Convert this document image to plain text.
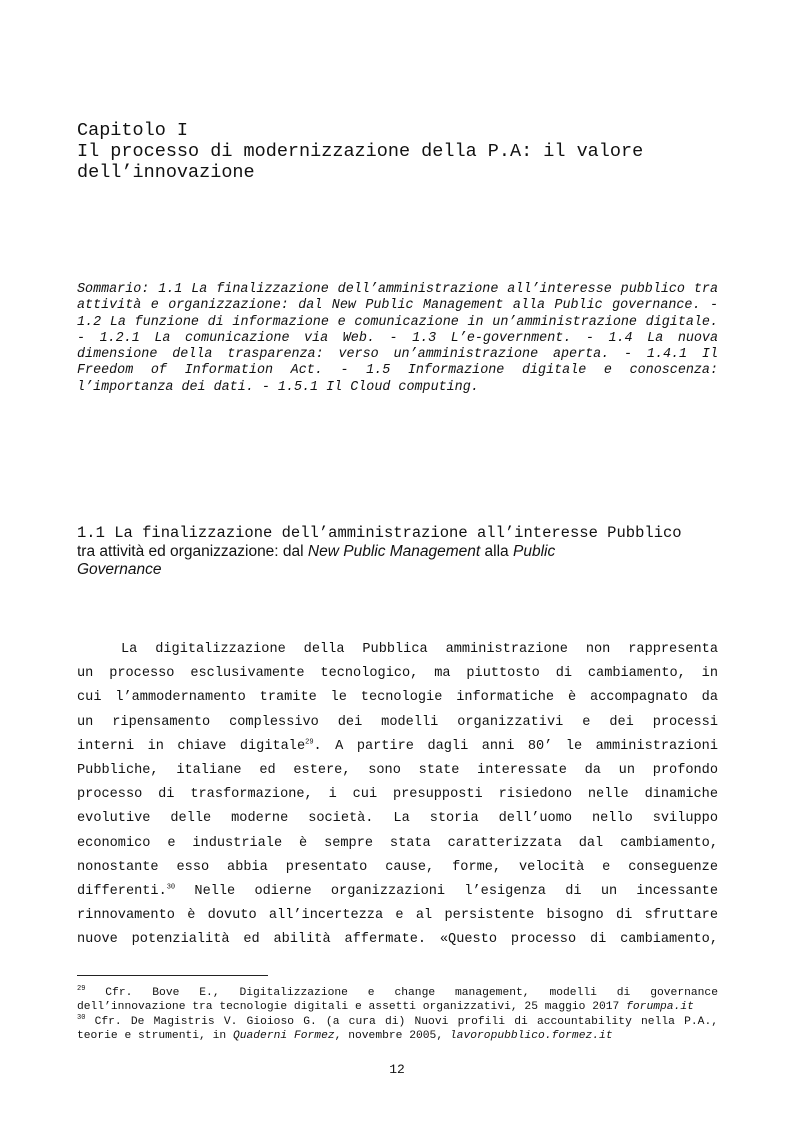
Capitolo I
Il processo di modernizzazione della P.A: il valore
dell’innovazione

Sommario: 1.1 La finalizzazione dell’amministrazione all’interesse pubblico tra attività e organizzazione: dal New Public Management alla Public governance. - 1.2 La funzione di informazione e comunicazione in un’amministrazione digitale. - 1.2.1 La comunicazione via Web. - 1.3 L’e-government. - 1.4 La nuova dimensione della trasparenza: verso un’amministrazione aperta. - 1.4.1 Il Freedom of Information Act. - 1.5 Informazione digitale e conoscenza: l’importanza dei dati. - 1.5.1 Il Cloud computing.

1.1 La finalizzazione dell’amministrazione all’interesse Pubblico
tra attività ed organizzazione: dal New Public Management alla Public
Governance
La digitalizzazione della Pubblica amministrazione non rappresenta
un processo esclusivamente tecnologico, ma piuttosto di cambiamento, in
cui l’ammodernamento tramite le tecnologie informatiche è accompagnato da
un ripensamento complessivo dei modelli organizzativi e dei processi
interni in chiave digitale$^{29}$. A partire dagli anni 80’ le amministrazioni
Pubbliche, italiane ed estere, sono state interessate da un profondo
processo di trasformazione, i cui presupposti risiedono nelle dinamiche
evolutive delle moderne società. La storia dell’uomo nello sviluppo
economico e industriale è sempre stata caratterizzata dal cambiamento,
nonostante esso abbia presentato cause, forme, velocità e conseguenze
differenti.$^{30}$ Nelle odierne organizzazioni l’esigenza di un incessante
rinnovamento è dovuto all’incertezza e al persistente bisogno di sfruttare
nuove potenzialità ed abilità affermate. «Questo processo di cambiamento,
$^{29}$ Cfr. Bove E., Digitalizzazione e change management, modelli di governance
dell’innovazione tra tecnologie digitali e assetti organizzativi, 25 maggio 2017 forumpa.it
$^{30}$ Cfr. De Magistris V. Gioioso G. (a cura di) Nuovi profili di accountability nella P.A.,
teorie e strumenti, in Quaderni Formez, novembre 2005, lavoropubblico.formez.it
12
